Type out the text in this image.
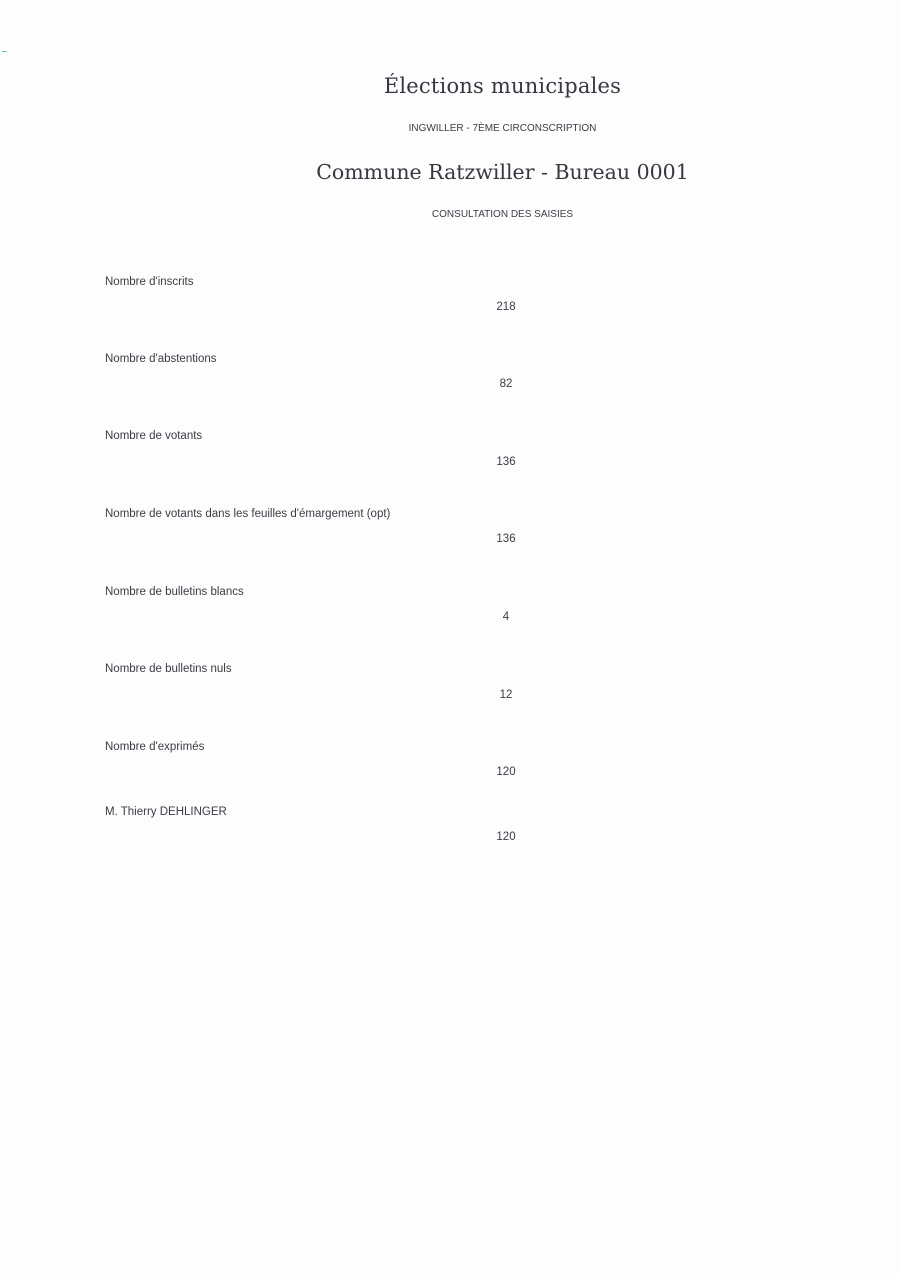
Élections municipales
INGWILLER - 7ÈME CIRCONSCRIPTION
Commune Ratzwiller - Bureau 0001
CONSULTATION DES SAISIES
Nombre d'inscrits
218
Nombre d'abstentions
82
Nombre de votants
136
Nombre de votants dans les feuilles d'émargement (opt)
136
Nombre de bulletins blancs
4
Nombre de bulletins nuls
12
Nombre d'exprimés
120
M. Thierry DEHLINGER
120
